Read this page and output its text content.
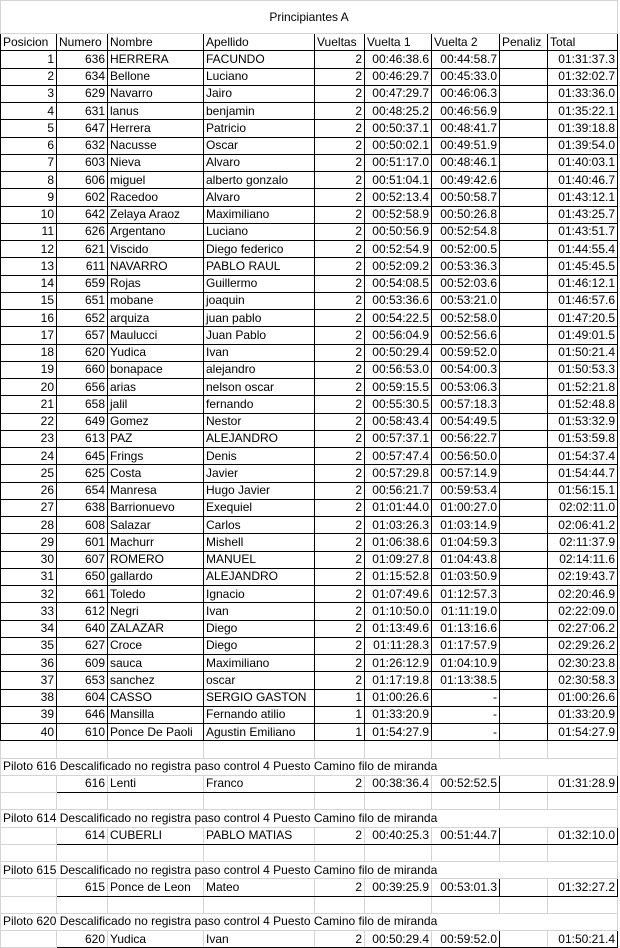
Principiantes A								
Posicion	Numero	Nombre	Apellido	Vueltas	Vuelta 1	Vuelta 2	Penaliz	Total
1	636	HERRERA	FACUNDO	2	00:46:38.6	00:44:58.7		01:31:37.3
2	634	Bellone	Luciano	2	00:46:29.7	00:45:33.0		01:32:02.7
3	629	Navarro	Jairo	2	00:47:29.7	00:46:06.3		01:33:36.0
4	631	lanus	benjamin	2	00:48:25.2	00:46:56.9		01:35:22.1
5	647	Herrera	Patricio	2	00:50:37.1	00:48:41.7		01:39:18.8
6	632	Nacusse	Oscar	2	00:50:02.1	00:49:51.9		01:39:54.0
7	603	Nieva	Alvaro	2	00:51:17.0	00:48:46.1		01:40:03.1
8	606	miguel	alberto gonzalo	2	00:51:04.1	00:49:42.6		01:40:46.7
9	602	Racedoo	Alvaro	2	00:52:13.4	00:50:58.7		01:43:12.1
10	642	Zelaya Araoz	Maximiliano	2	00:52:58.9	00:50:26.8		01:43:25.7
11	626	Argentano	Luciano	2	00:50:56.9	00:52:54.8		01:43:51.7
12	621	Viscido	Diego federico	2	00:52:54.9	00:52:00.5		01:44:55.4
13	611	NAVARRO	PABLO RAUL	2	00:52:09.2	00:53:36.3		01:45:45.5
14	659	Rojas	Guillermo	2	00:54:08.5	00:52:03.6		01:46:12.1
15	651	mobane	joaquin	2	00:53:36.6	00:53:21.0		01:46:57.6
16	652	arquiza	juan pablo	2	00:54:22.5	00:52:58.0		01:47:20.5
17	657	Maulucci	Juan Pablo	2	00:56:04.9	00:52:56.6		01:49:01.5
18	620	Yudica	Ivan	2	00:50:29.4	00:59:52.0		01:50:21.4
19	660	bonapace	alejandro	2	00:56:53.0	00:54:00.3		01:50:53.3
20	656	arias	nelson oscar	2	00:59:15.5	00:53:06.3		01:52:21.8
21	658	jalil	fernando	2	00:55:30.5	00:57:18.3		01:52:48.8
22	649	Gomez	Nestor	2	00:58:43.4	00:54:49.5		01:53:32.9
23	613	PAZ	ALEJANDRO	2	00:57:37.1	00:56:22.7		01:53:59.8
24	645	Frings	Denis	2	00:57:47.4	00:56:50.0		01:54:37.4
25	625	Costa	Javier	2	00:57:29.8	00:57:14.9		01:54:44.7
26	654	Manresa	Hugo Javier	2	00:56:21.7	00:59:53.4		01:56:15.1
27	638	Barrionuevo	Exequiel	2	01:01:44.0	01:00:27.0		02:02:11.0
28	608	Salazar	Carlos	2	01:03:26.3	01:03:14.9		02:06:41.2
29	601	Machurr	Mishell	2	01:06:38.6	01:04:59.3		02:11:37.9
30	607	ROMERO	MANUEL	2	01:09:27.8	01:04:43.8		02:14:11.6
31	650	gallardo	ALEJANDRO	2	01:15:52.8	01:03:50.9		02:19:43.7
32	661	Toledo	Ignacio	2	01:07:49.6	01:12:57.3		02:20:46.9
33	612	Negri	Ivan	2	01:10:50.0	01:11:19.0		02:22:09.0
34	640	ZALAZAR	Diego	2	01:13:49.6	01:13:16.6		02:27:06.2
35	627	Croce	Diego	2	01:11:28.3	01:17:57.9		02:29:26.2
36	609	sauca	Maximiliano	2	01:26:12.9	01:04:10.9		02:30:23.8
37	653	sanchez	oscar	2	01:17:19.8	01:13:38.5		02:30:58.3
38	604	CASSO	SERGIO GASTON	1	01:00:26.6	-		01:00:26.6
39	646	Mansilla	Fernando atilio	1	01:33:20.9	-		01:33:20.9
40	610	Ponce De Paoli	Agustin Emiliano	1	01:54:27.9	-		01:54:27.9

Piloto 616 Descalificado no registra paso control 4 Puesto Camino filo de miranda								
	616	Lenti	Franco	2	00:38:36.4	00:52:52.5		01:31:28.9

Piloto 614 Descalificado no registra paso control 4 Puesto Camino filo de miranda								
	614	CUBERLI	PABLO MATIAS	2	00:40:25.3	00:51:44.7		01:32:10.0

Piloto 615 Descalificado no registra paso control 4 Puesto Camino filo de miranda								
	615	Ponce de Leon	Mateo	2	00:39:25.9	00:53:01.3		01:32:27.2

Piloto 620 Descalificado no registra paso control 4 Puesto Camino filo de miranda								
	620	Yudica	Ivan	2	00:50:29.4	00:59:52.0		01:50:21.4
